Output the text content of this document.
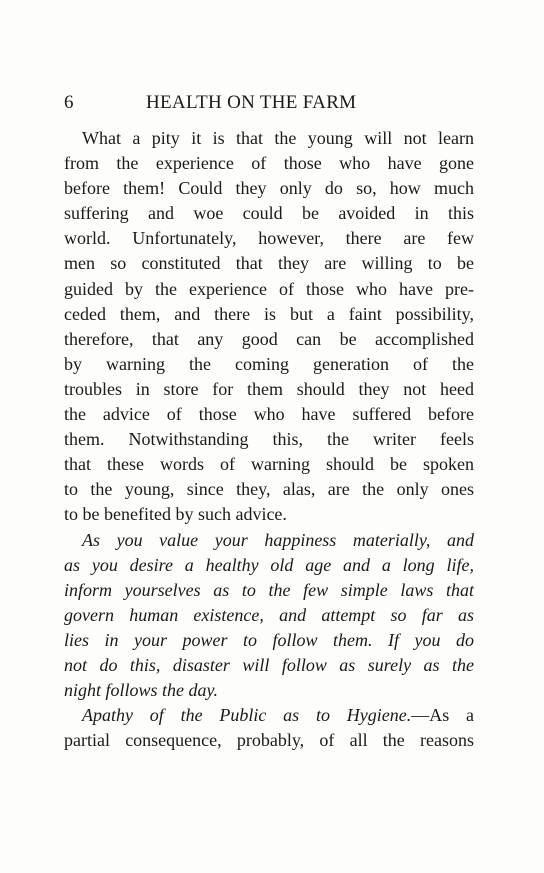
6	HEALTH ON THE FARM
What a pity it is that the young will not learn
from the experience of those who have gone
before them! Could they only do so, how much
suffering and woe could be avoided in this
world. Unfortunately, however, there are few
men so constituted that they are willing to be
guided by the experience of those who have pre-
ceded them, and there is but a faint possibility,
therefore, that any good can be accomplished
by warning the coming generation of the
troubles in store for them should they not heed
the advice of those who have suffered before
them. Notwithstanding this, the writer feels
that these words of warning should be spoken
to the young, since they, alas, are the only ones
to be benefited by such advice.
As you value your happiness materially, and
as you desire a healthy old age and a long life,
inform yourselves as to the few simple laws that
govern human existence, and attempt so far as
lies in your power to follow them. If you do
not do this, disaster will follow as surely as the
night follows the day.
Apathy of the Public as to Hygiene.—As a
partial consequence, probably, of all the reasons
